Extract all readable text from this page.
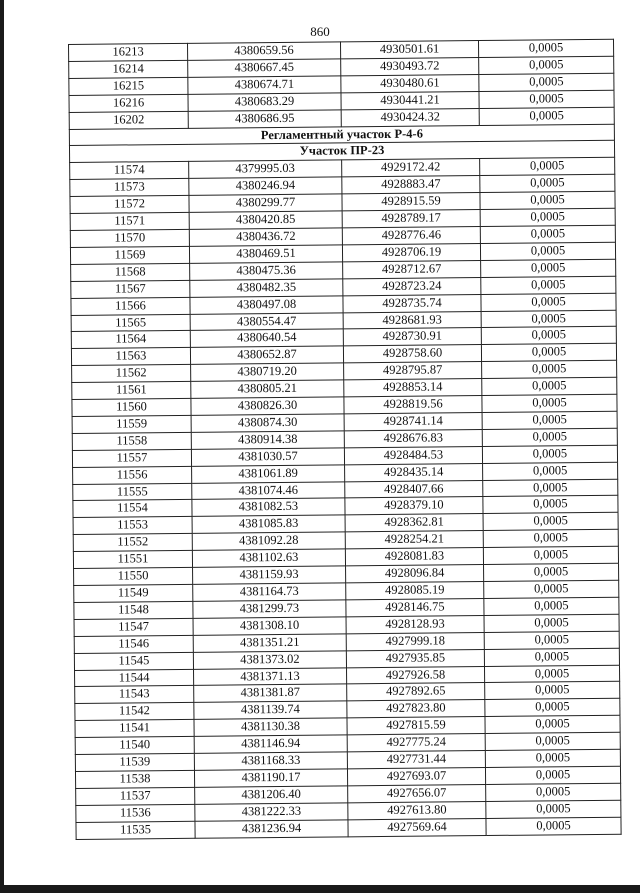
860
16213	4380659.56	4930501.61	0,0005
16214	4380667.45	4930493.72	0,0005
16215	4380674.71	4930480.61	0,0005
16216	4380683.29	4930441.21	0,0005
16202	4380686.95	4930424.32	0,0005
Регламентный участок Р-4-6			
Участок ПР-23			
11574	4379995.03	4929172.42	0,0005
11573	4380246.94	4928883.47	0,0005
11572	4380299.77	4928915.59	0,0005
11571	4380420.85	4928789.17	0,0005
11570	4380436.72	4928776.46	0,0005
11569	4380469.51	4928706.19	0,0005
11568	4380475.36	4928712.67	0,0005
11567	4380482.35	4928723.24	0,0005
11566	4380497.08	4928735.74	0,0005
11565	4380554.47	4928681.93	0,0005
11564	4380640.54	4928730.91	0,0005
11563	4380652.87	4928758.60	0,0005
11562	4380719.20	4928795.87	0,0005
11561	4380805.21	4928853.14	0,0005
11560	4380826.30	4928819.56	0,0005
11559	4380874.30	4928741.14	0,0005
11558	4380914.38	4928676.83	0,0005
11557	4381030.57	4928484.53	0,0005
11556	4381061.89	4928435.14	0,0005
11555	4381074.46	4928407.66	0,0005
11554	4381082.53	4928379.10	0,0005
11553	4381085.83	4928362.81	0,0005
11552	4381092.28	4928254.21	0,0005
11551	4381102.63	4928081.83	0,0005
11550	4381159.93	4928096.84	0,0005
11549	4381164.73	4928085.19	0,0005
11548	4381299.73	4928146.75	0,0005
11547	4381308.10	4928128.93	0,0005
11546	4381351.21	4927999.18	0,0005
11545	4381373.02	4927935.85	0,0005
11544	4381371.13	4927926.58	0,0005
11543	4381381.87	4927892.65	0,0005
11542	4381139.74	4927823.80	0,0005
11541	4381130.38	4927815.59	0,0005
11540	4381146.94	4927775.24	0,0005
11539	4381168.33	4927731.44	0,0005
11538	4381190.17	4927693.07	0,0005
11537	4381206.40	4927656.07	0,0005
11536	4381222.33	4927613.80	0,0005
11535	4381236.94	4927569.64	0,0005
